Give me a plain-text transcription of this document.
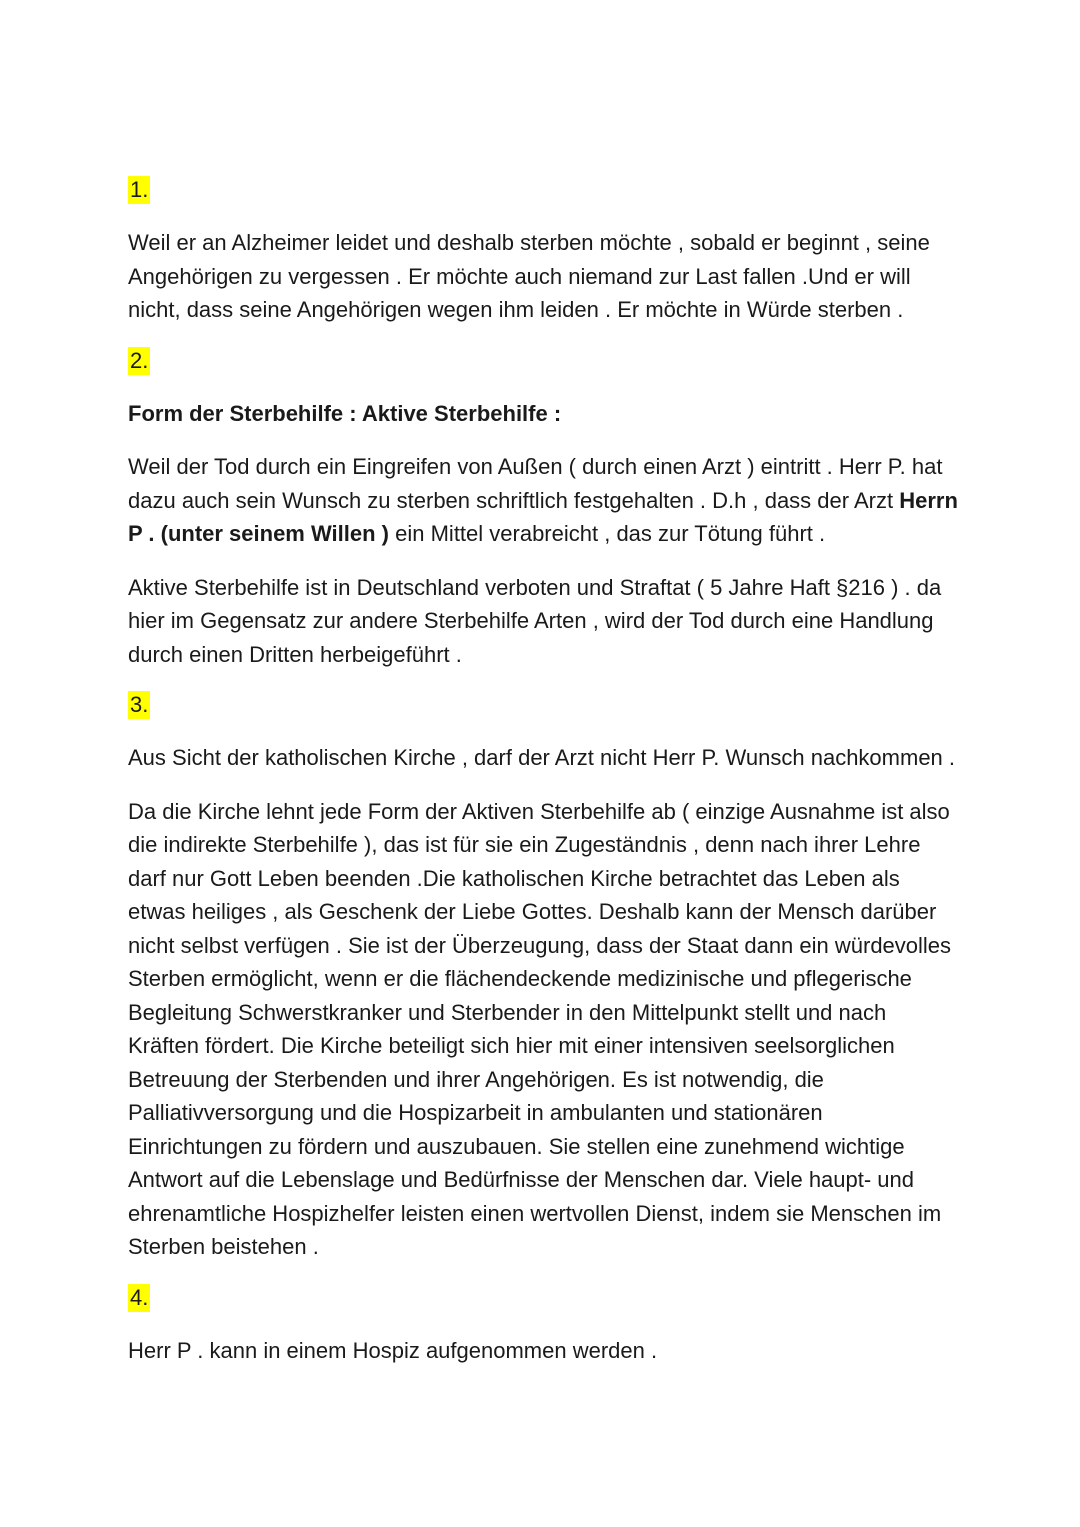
1.

Weil er an Alzheimer leidet und deshalb sterben möchte , sobald er beginnt , seine Angehörigen zu vergessen . Er möchte auch niemand zur Last fallen .Und er will nicht, dass seine Angehörigen wegen ihm leiden . Er möchte in Würde sterben .

2.
Form der Sterbehilfe : Aktive Sterbehilfe :

Weil der Tod durch ein Eingreifen von Außen ( durch einen Arzt ) eintritt . Herr P. hat dazu auch sein Wunsch zu sterben schriftlich festgehalten . D.h , dass der Arzt Herrn P . (unter seinem Willen ) ein Mittel verabreicht , das zur Tötung führt .

Aktive Sterbehilfe ist in Deutschland verboten und Straftat ( 5 Jahre Haft §216 ) . da hier im Gegensatz zur andere Sterbehilfe Arten , wird der Tod durch eine Handlung durch einen Dritten herbeigeführt .

3.

Aus Sicht der katholischen Kirche , darf der Arzt nicht Herr P. Wunsch nachkommen .

Da die Kirche lehnt jede Form der Aktiven Sterbehilfe ab ( einzige Ausnahme ist also die indirekte Sterbehilfe ), das ist für sie ein Zugeständnis , denn nach ihrer Lehre darf nur Gott Leben beenden .Die katholischen Kirche betrachtet das Leben als etwas heiliges , als Geschenk der Liebe Gottes. Deshalb kann der Mensch darüber nicht selbst verfügen . Sie ist der Überzeugung, dass der Staat dann ein würdevolles Sterben ermöglicht, wenn er die flächendeckende medizinische und pflegerische Begleitung Schwerstkranker und Sterbender in den Mittelpunkt stellt und nach Kräften fördert. Die Kirche beteiligt sich hier mit einer intensiven seelsorglichen Betreuung der Sterbenden und ihrer Angehörigen. Es ist notwendig, die Palliativversorgung und die Hospizarbeit in ambulanten und stationären Einrichtungen zu fördern und auszubauen. Sie stellen eine zunehmend wichtige Antwort auf die Lebenslage und Bedürfnisse der Menschen dar. Viele haupt- und ehrenamtliche Hospizhelfer leisten einen wertvollen Dienst, indem sie Menschen im Sterben beistehen .

4.

Herr P . kann in einem Hospiz aufgenommen werden .
